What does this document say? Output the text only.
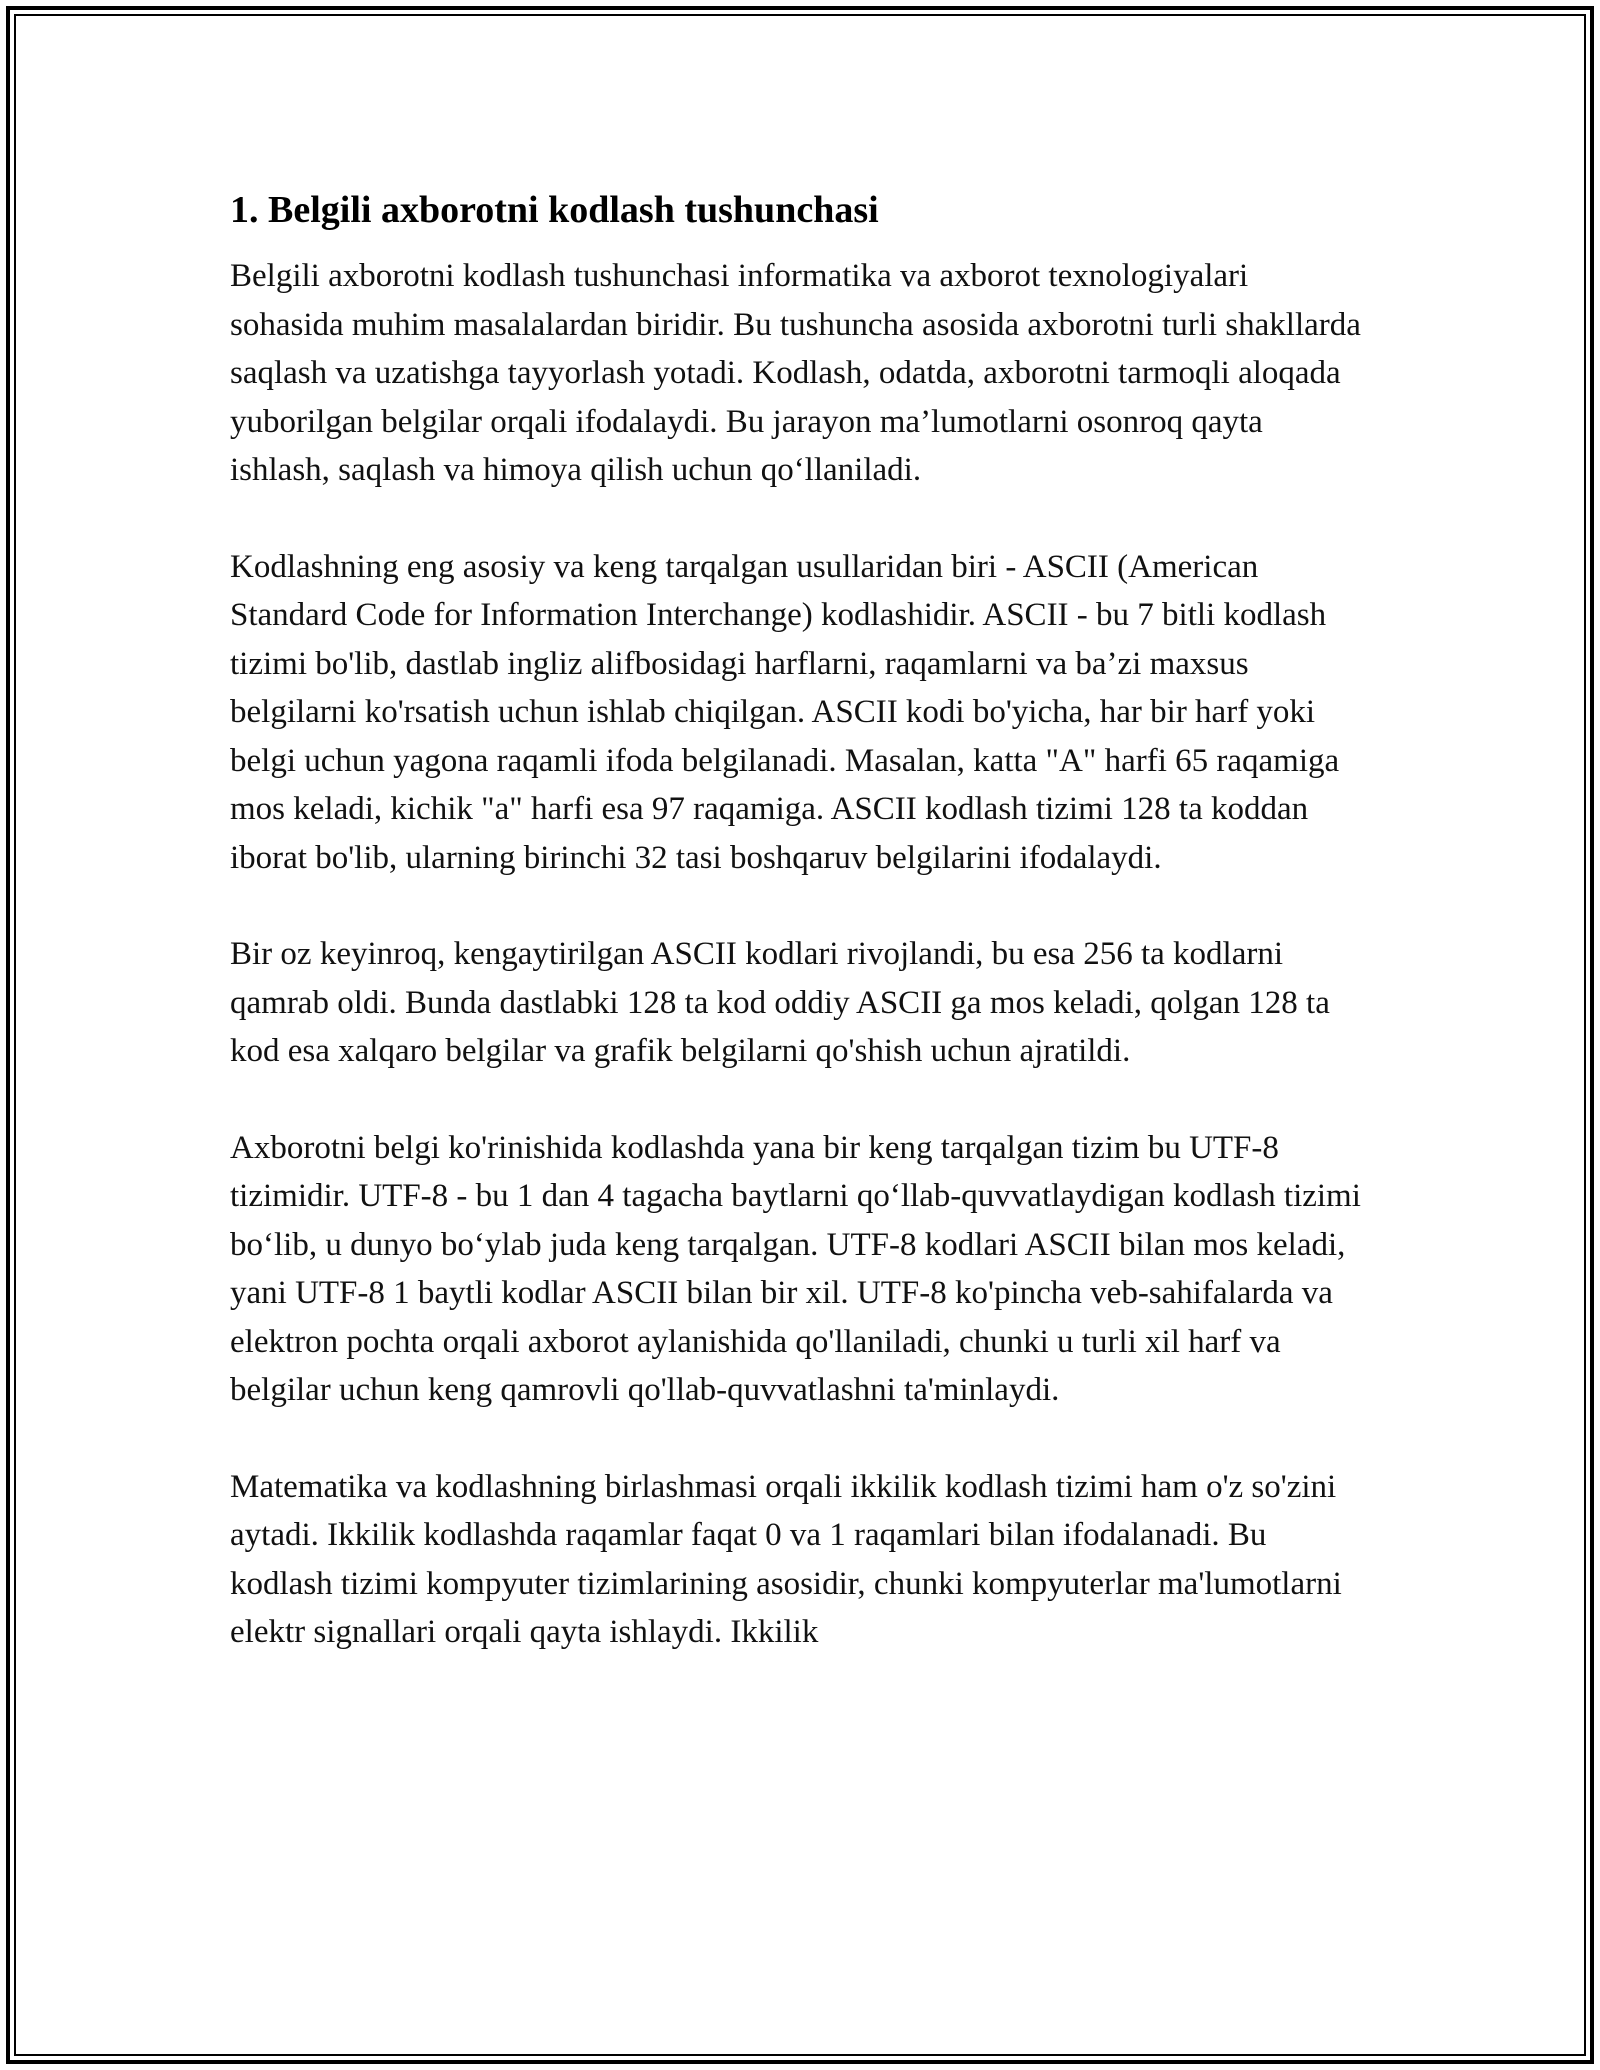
1. Belgili axborotni kodlash tushunchasi

Belgili axborotni kodlash tushunchasi informatika va axborot texnologiyalari sohasida muhim masalalardan biridir. Bu tushuncha asosida axborotni turli shakllarda saqlash va uzatishga tayyorlash yotadi. Kodlash, odatda, axborotni tarmoqli aloqada yuborilgan belgilar orqali ifodalaydi. Bu jarayon ma’lumotlarni osonroq qayta ishlash, saqlash va himoya qilish uchun qo‘llaniladi.

Kodlashning eng asosiy va keng tarqalgan usullaridan biri - ASCII (American Standard Code for Information Interchange) kodlashidir. ASCII - bu 7 bitli kodlash tizimi bo'lib, dastlab ingliz alifbosidagi harflarni, raqamlarni va ba’zi maxsus belgilarni ko'rsatish uchun ishlab chiqilgan. ASCII kodi bo'yicha, har bir harf yoki belgi uchun yagona raqamli ifoda belgilanadi. Masalan, katta "A" harfi 65 raqamiga mos keladi, kichik "a" harfi esa 97 raqamiga. ASCII kodlash tizimi 128 ta koddan iborat bo'lib, ularning birinchi 32 tasi boshqaruv belgilarini ifodalaydi.

Bir oz keyinroq, kengaytirilgan ASCII kodlari rivojlandi, bu esa 256 ta kodlarni qamrab oldi. Bunda dastlabki 128 ta kod oddiy ASCII ga mos keladi, qolgan 128 ta kod esa xalqaro belgilar va grafik belgilarni qo'shish uchun ajratildi.

Axborotni belgi ko'rinishida kodlashda yana bir keng tarqalgan tizim bu UTF-8 tizimidir. UTF-8 - bu 1 dan 4 tagacha baytlarni qo‘llab-quvvatlaydigan kodlash tizimi bo‘lib, u dunyo bo‘ylab juda keng tarqalgan. UTF-8 kodlari ASCII bilan mos keladi, yani UTF-8 1 baytli kodlar ASCII bilan bir xil. UTF-8 ko'pincha veb-sahifalarda va elektron pochta orqali axborot aylanishida qo'llaniladi, chunki u turli xil harf va belgilar uchun keng qamrovli qo'llab-quvvatlashni ta'minlaydi.

Matematika va kodlashning birlashmasi orqali ikkilik kodlash tizimi ham o'z so'zini aytadi. Ikkilik kodlashda raqamlar faqat 0 va 1 raqamlari bilan ifodalanadi. Bu kodlash tizimi kompyuter tizimlarining asosidir, chunki kompyuterlar ma'lumotlarni elektr signallari orqali qayta ishlaydi. Ikkilik
